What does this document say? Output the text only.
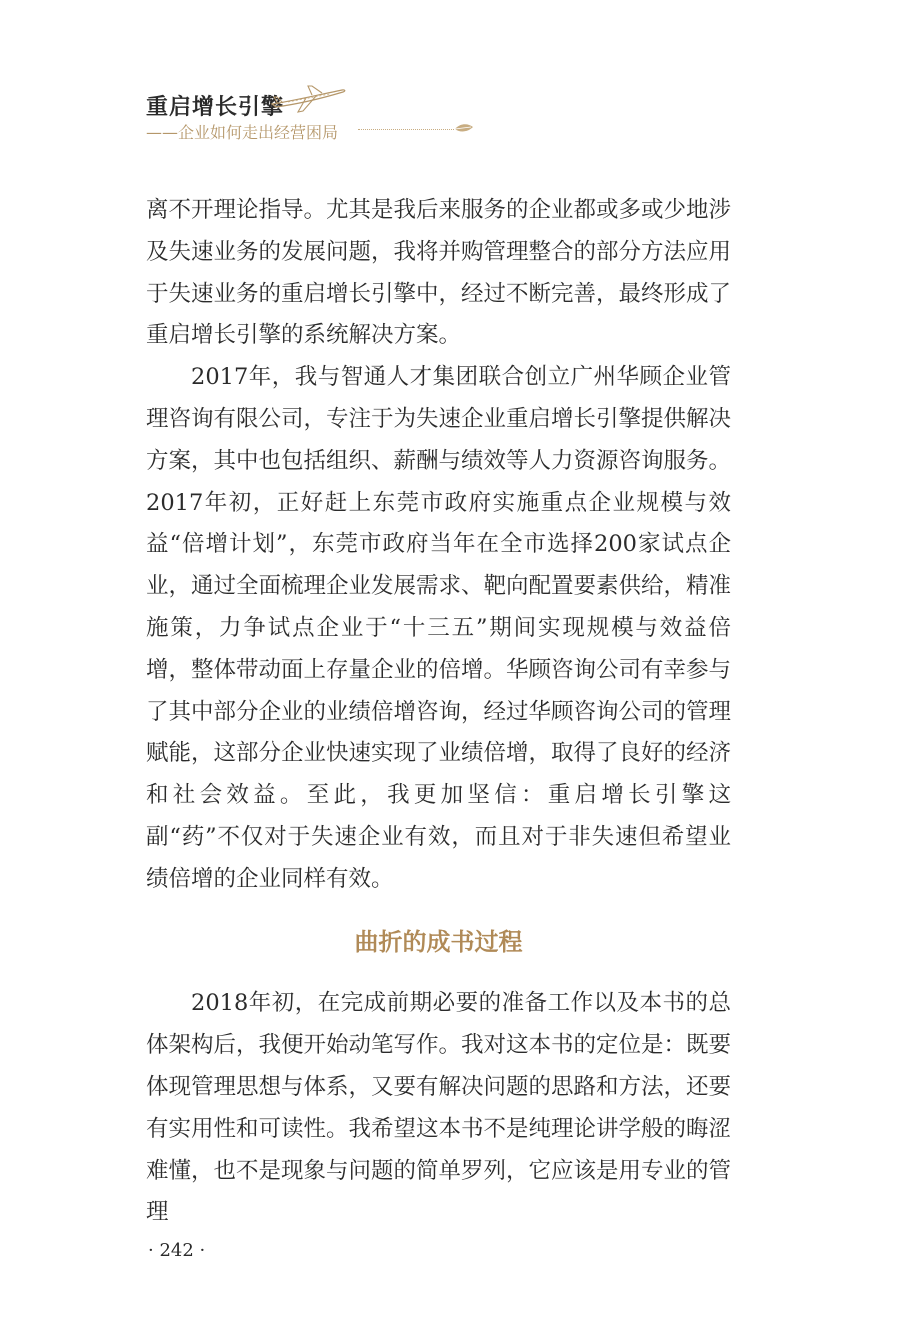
重启增长引擎
——企业如何走出经营困局

离不开理论指导。尤其是我后来服务的企业都或多或少地涉及失速业务的发展问题，我将并购管理整合的部分方法应用于失速业务的重启增长引擎中，经过不断完善，最终形成了重启增长引擎的系统解决方案。

2017年，我与智通人才集团联合创立广州华顾企业管理咨询有限公司，专注于为失速企业重启增长引擎提供解决方案，其中也包括组织、薪酬与绩效等人力资源咨询服务。2017年初，正好赶上东莞市政府实施重点企业规模与效益“倍增计划”，东莞市政府当年在全市选择200家试点企业，通过全面梳理企业发展需求、靶向配置要素供给，精准施策，力争试点企业于“十三五”期间实现规模与效益倍增，整体带动面上存量企业的倍增。华顾咨询公司有幸参与了其中部分企业的业绩倍增咨询，经过华顾咨询公司的管理赋能，这部分企业快速实现了业绩倍增，取得了良好的经济和社会效益。至此，我更加坚信：重启增长引擎这副“药”不仅对于失速企业有效，而且对于非失速但希望业绩倍增的企业同样有效。

曲折的成书过程

2018年初，在完成前期必要的准备工作以及本书的总体架构后，我便开始动笔写作。我对这本书的定位是：既要体现管理思想与体系，又要有解决问题的思路和方法，还要有实用性和可读性。我希望这本书不是纯理论讲学般的晦涩难懂，也不是现象与问题的简单罗列，它应该是用专业的管理

· 242 ·
